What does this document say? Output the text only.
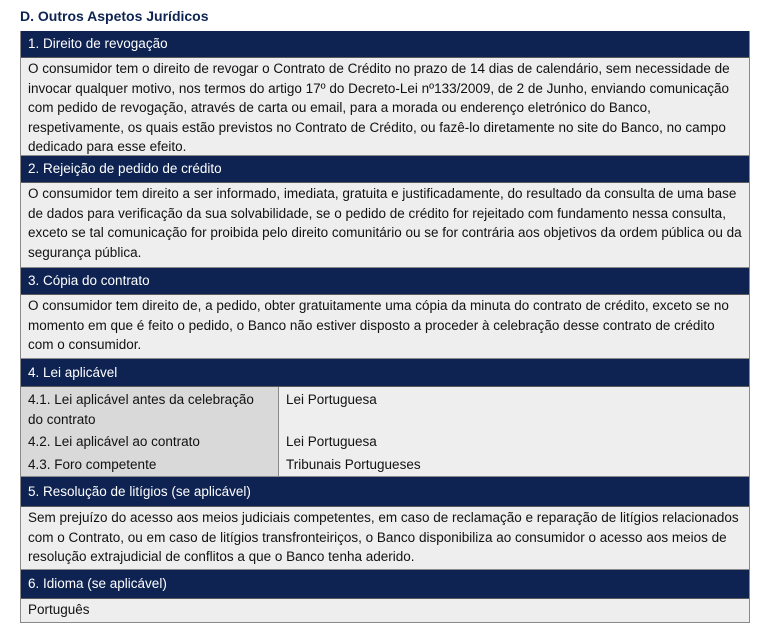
D. Outros Aspetos Jurídicos
1. Direito de revogação
O consumidor tem o direito de revogar o Contrato de Crédito no prazo de 14 dias de calendário, sem necessidade de invocar qualquer motivo, nos termos do artigo 17º do Decreto-Lei nº133/2009, de 2 de Junho, enviando comunicação com pedido de revogação, através de carta ou email, para a morada ou enderenço eletrónico do Banco, respetivamente, os quais estão previstos no Contrato de Crédito, ou fazê-lo diretamente no site do Banco, no campo dedicado para esse efeito.
2. Rejeição de pedido de crédito
O consumidor tem direito a ser informado, imediata, gratuita e justificadamente, do resultado da consulta de uma base de dados para verificação da sua solvabilidade, se o pedido de crédito for rejeitado com fundamento nessa consulta, exceto se tal comunicação for proibida pelo direito comunitário ou se for contrária aos objetivos da ordem pública ou da segurança pública.
3. Cópia do contrato
O consumidor tem direito de, a pedido, obter gratuitamente uma cópia da minuta do contrato de crédito, exceto se no momento em que é feito o pedido, o Banco não estiver disposto a proceder à celebração desse contrato de crédito com o consumidor.
4. Lei aplicável
4.1. Lei aplicável antes da celebração do contrato
Lei Portuguesa
4.2. Lei aplicável ao contrato	Lei Portuguesa
4.3. Foro competente	Tribunais Portugueses
5. Resolução de litígios (se aplicável)
Sem prejuízo do acesso aos meios judiciais competentes, em caso de reclamação e reparação de litígios relacionados com o Contrato, ou em caso de litígios transfronteiriços, o Banco disponibiliza ao consumidor o acesso aos meios de resolução extrajudicial de conflitos a que o Banco tenha aderido.
6. Idioma (se aplicável)
Português
